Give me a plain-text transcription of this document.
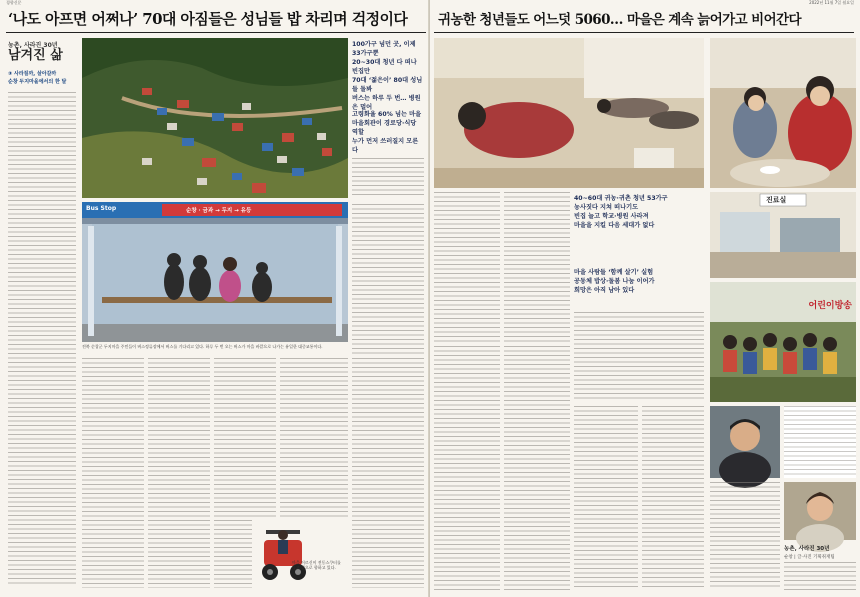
경향신문
‘나도 아프면 어쩌나’ 70대 아짐들은 성님들 밥 차리며 걱정이다
농촌, 사라진 30년
남겨진 삶
③ 사라질까, 살아갈까
순창 두지마을에서의 한 달
100가구 넘던 곳, 이제 33가구뿐
20~30대 청년 다 떠나 빈집만
70대 ‘젊은이’ 80대 성님들 돌봐
버스는 하루 두 번… 병원은 멀어
고령화율 60% 넘는 마을
마을회관이 경로당·식당 역할
누가 먼저 쓰러질지 모른다
Bus Stop	순창 · 금과 → 두지 → 유등
전북 순창군 두지마을 주민들이 버스정류장에서 버스를 기다리고 있다. 하루 두 번 오는 버스가 마을 바깥으로 나가는 유일한 대중교통이다.
마을 어르신이 전동스쿠터를 타고 집으로 향하고 있다.
2022년 11월 7일 월요일
귀농한 청년들도 어느덧 5060… 마을은 계속 늙어가고 비어간다
40~60대 귀농·귀촌 청년 53가구
농사짓다 지쳐 떠나기도
빈집 늘고 학교·병원 사라져
마을을 지킬 다음 세대가 없다
마을 사람들 ‘함께 살기’ 실험
공동체 밥상·돌봄 나눔 이어가
희망은 아직 남아 있다
진료실
어린이방송
농촌, 사라진 30년
순창 | 글·사진 기획취재팀
